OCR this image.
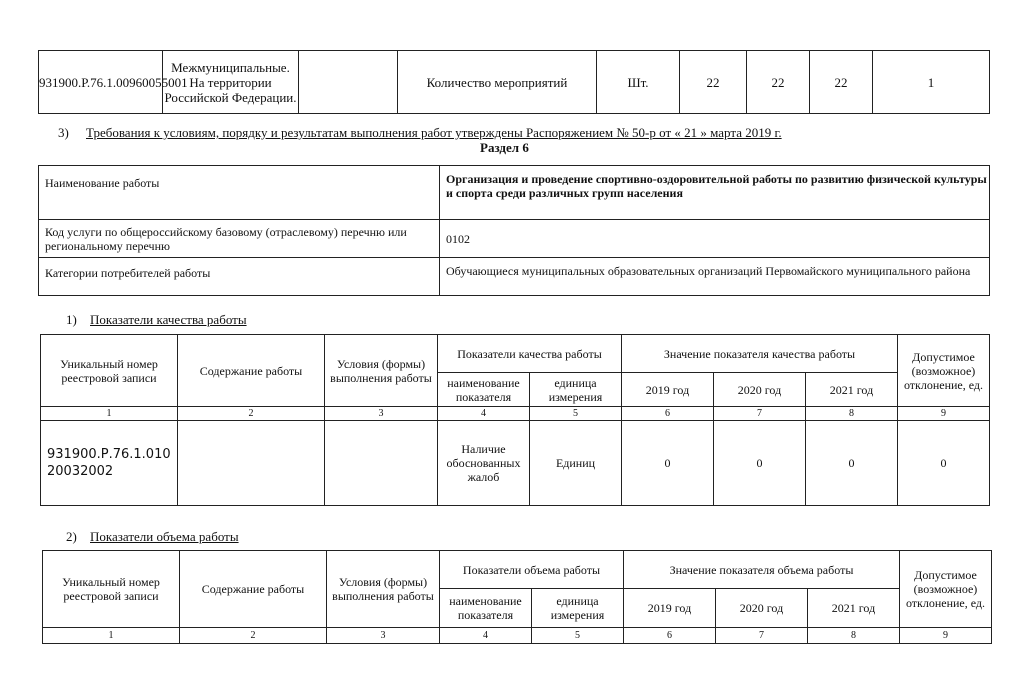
931900.Р.76.1.00960055001	Межмуниципальные. На территории Российской Федерации.		Количество мероприятий	Шт.	22	22	22	1
3) Требования к условиям, порядку и результатам выполнения работ утверждены Распоряжением № 50-р от « 21 » марта 2019 г.
Раздел 6
Наименование работы	Организация и проведение спортивно-оздоровительной работы по развитию физической культуры и спорта среди различных групп населения
Код услуги по общероссийскому базовому (отраслевому) перечню или региональному перечню	0102
Категории потребителей работы	Обучающиеся муниципальных образовательных организаций Первомайского муниципального района
1) Показатели качества работы
Уникальный номер реестровой записи	Содержание работы	Условия (формы) выполнения работы	Показатели качества работы		Значение показателя качества работы			Допустимое (возможное) отклонение, ед.
			наименование показателя	единица измерения	2019 год	2020 год	2021 год	
1	2	3	4	5	6	7	8	9
931900.Р.76.1.01020032002			Наличие обоснованных жалоб	Единиц	0	0	0	0
2) Показатели объема работы
Уникальный номер реестровой записи	Содержание работы	Условия (формы) выполнения работы	Показатели объема работы		Значение показателя объема работы			Допустимое (возможное) отклонение, ед.
			наименование показателя	единица измерения	2019 год	2020 год	2021 год	
1	2	3	4	5	6	7	8	9
